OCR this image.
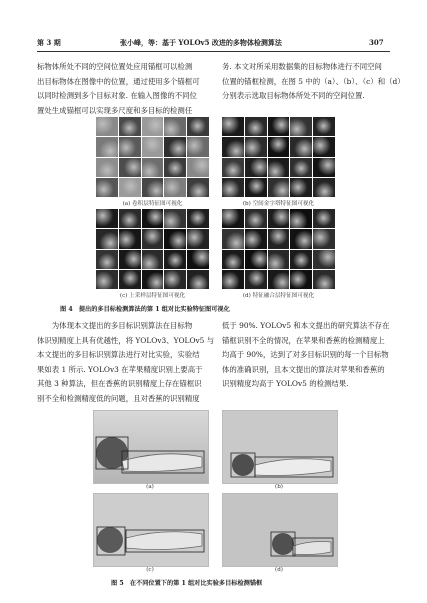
第 3 期	张小峰，等：基于 YOLOv5 改进的多物体检测算法	307
标物体所处不同的空间位置处应用锚框可以检测
出目标物体在图像中的位置，通过使用多个锚框可
以同时检测到多个目标对象. 在输入图像的不同位
置处生成锚框可以实现多尺度和多目标的检测任
务. 本文对所采用数据集的目标物体进行不同空间
位置的锚框检测，在图 5 中的（a）、（b）、（c）和（d）
分别表示选取目标物体所处不同的空间位置.
(a) 卷积层特征图可视化	(b) 空间金字塔特征图可视化
(c) 上采样层特征图可视化	(d) 特征融合层特征图可视化
图 4　提出的多目标检测算法的第 1 组对比实验特征图可视化
　　为体现本文提出的多目标识别算法在目标物
体识别精度上具有优越性，将 YOLOv3、YOLOv5 与
本文提出的多目标识别算法进行对比实验，实验结
果如表 1 所示. YOLOv3 在苹果精度识别上要高于
其他 3 种算法，但在香蕉的识别精度上存在锚框识
别不全和检测精度低的问题，且对香蕉的识别精度
低于 90%. YOLOv5 和本文提出的研究算法不存在
锚框识别不全的情况，在苹果和香蕉的检测精度上
均高于 90%，达到了对多目标识别的每一个目标物
体的准确识别，且本文提出的算法对苹果和香蕉的
识别精度均高于 YOLOv5 的检测结果.
(a)	(b)
(c)	(d)
图 5　在不同位置下的第 1 组对比实验多目标检测锚框
